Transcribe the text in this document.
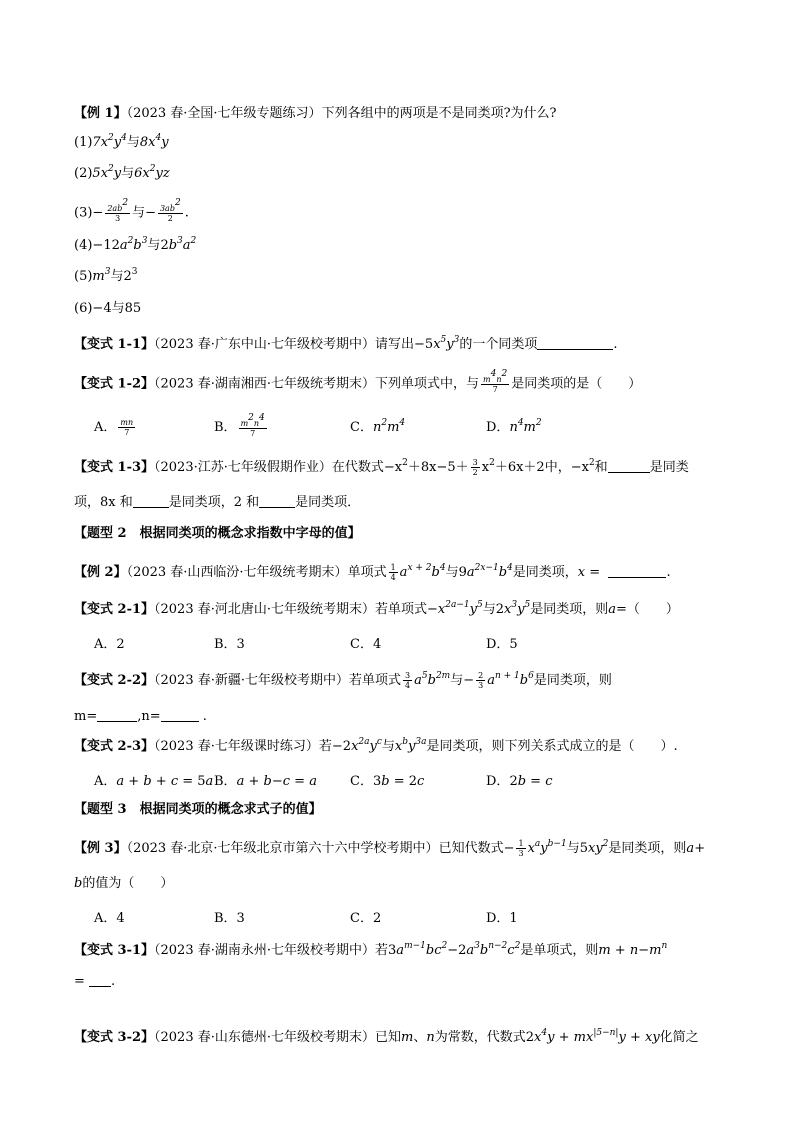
【例 1】（2023 春·全国·七年级专题练习）下列各组中的两项是不是同类项?为什么?
$(1)7x^2y^4$与$8x^4y$
$(2)5x^2y$与$6x^2yz$
$(3)- \frac{2ab^2}{3}$ 与− $\frac{3ab^2}{2}$ .
$(4)-12a^2b^3$与$2b^3a^2$
$(5)m^3$与$2^3$
(6)−4与85
【变式 1-1】（2023 春·广东中山·七年级校考期中）请写出$-5x^5y^3$的一个同类项	.
【变式 1-2】（2023 春·湖南湘西·七年级统考期末）下列单项式中，与 $\frac{m^4n^2}{7}$ 是同类项的是（　　）
A． $\frac{mn}{7}$	B． $\frac{m^2n^4}{7}$	C．$n^2m^4$	D．$n^4m^2$
【变式 1-3】（2023·江苏·七年级假期作业）在代数式$-x^2+8x-5+ \frac{3}{2} x^2+6x+2$中，$-x^2$和	是同类
项，8x 和	是同类项，2 和	是同类项．
【题型 2　根据同类项的概念求指数中字母的值】
【例 2】（2023 春·山西临汾·七年级统考期末）单项式 $\frac{1}{4} a^{x + 2}b^4$与$9a^{2x-1}b^4$是同类项，x =	.
【变式 2-1】（2023 春·河北唐山·七年级统考期末）若单项式$-x^{2a-1}y^5$与$2x^3y^5$是同类项，则a=（　　）
A．2	B．3	C．4	D．5
【变式 2-2】（2023 春·新疆·七年级校考期中）若单项式 $\frac{3}{4} a^5b^{2m}$与− $\frac{2}{3} a^{n + 1}b^6$是同类项，则
m=	,n=	.
【变式 2-3】（2023 春·七年级课时练习）若$-2x^{2a}y^c$与$x^by^{3a}$是同类项，则下列关系式成立的是（　　）.
A．a + b + c = 5a B．a + b−c = a	C．3b = 2c	D．2b = c
【题型 3　根据同类项的概念求式子的值】
【例 3】（2023 春·北京·七年级北京市第六十六中学校考期中）已知代数式− $\frac{1}{3} x^ay^{b-1}$与$5xy^2$是同类项，则a+
b的值为（　　）
A．4	B．3	C．2	D．1
【变式 3-1】（2023 春·湖南永州·七年级校考期中）若$3a^{m-1}bc^2-2a^3b^{n-2}c^2$是单项式，则$m + n-m^n$
= .
【变式 3-2】（2023 春·山东德州·七年级校考期末）已知m、n为常数，代数式$2x^4y + mx^{|5-n|}y$ + xy化简之
